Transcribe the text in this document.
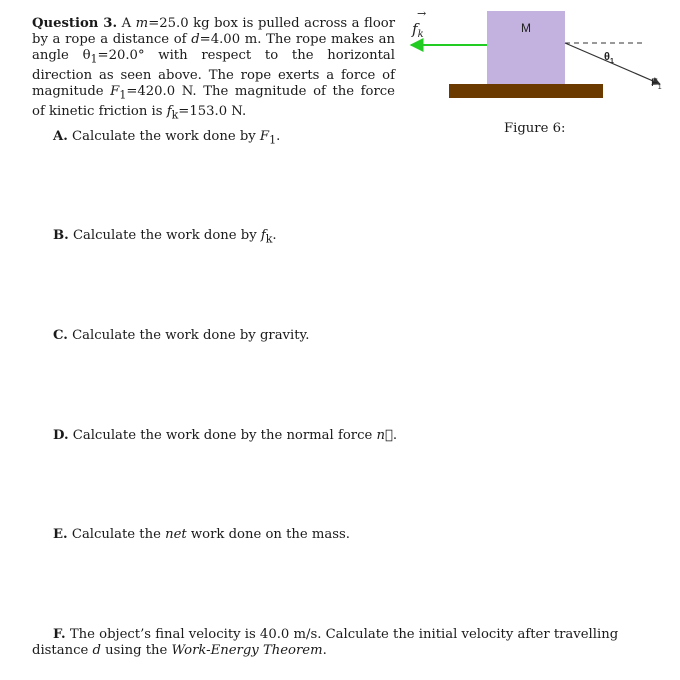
Question 3. A m=25.0 kg box is pulled across a floor by a rope a distance of d=4.00 m. The rope makes an angle $\theta_1=20.0^\circ$ with respect to the horizontal direction as seen above. The rope exerts a force of magnitude $F_1=420.0$ N. The magnitude of the force of kinetic friction is $f_k=153.0$ N.
M
→
$f_k$
$\theta_1$
$F_1$
Figure 6:
A. Calculate the work done by $F_1$.
B. Calculate the work done by $f_k$.
C. Calculate the work done by gravity.
D. Calculate the work done by the normal force n⃗.
E. Calculate the net work done on the mass.
F. The object’s final velocity is 40.0 m/s. Calculate the initial velocity after travelling distance d using the Work-Energy Theorem.
